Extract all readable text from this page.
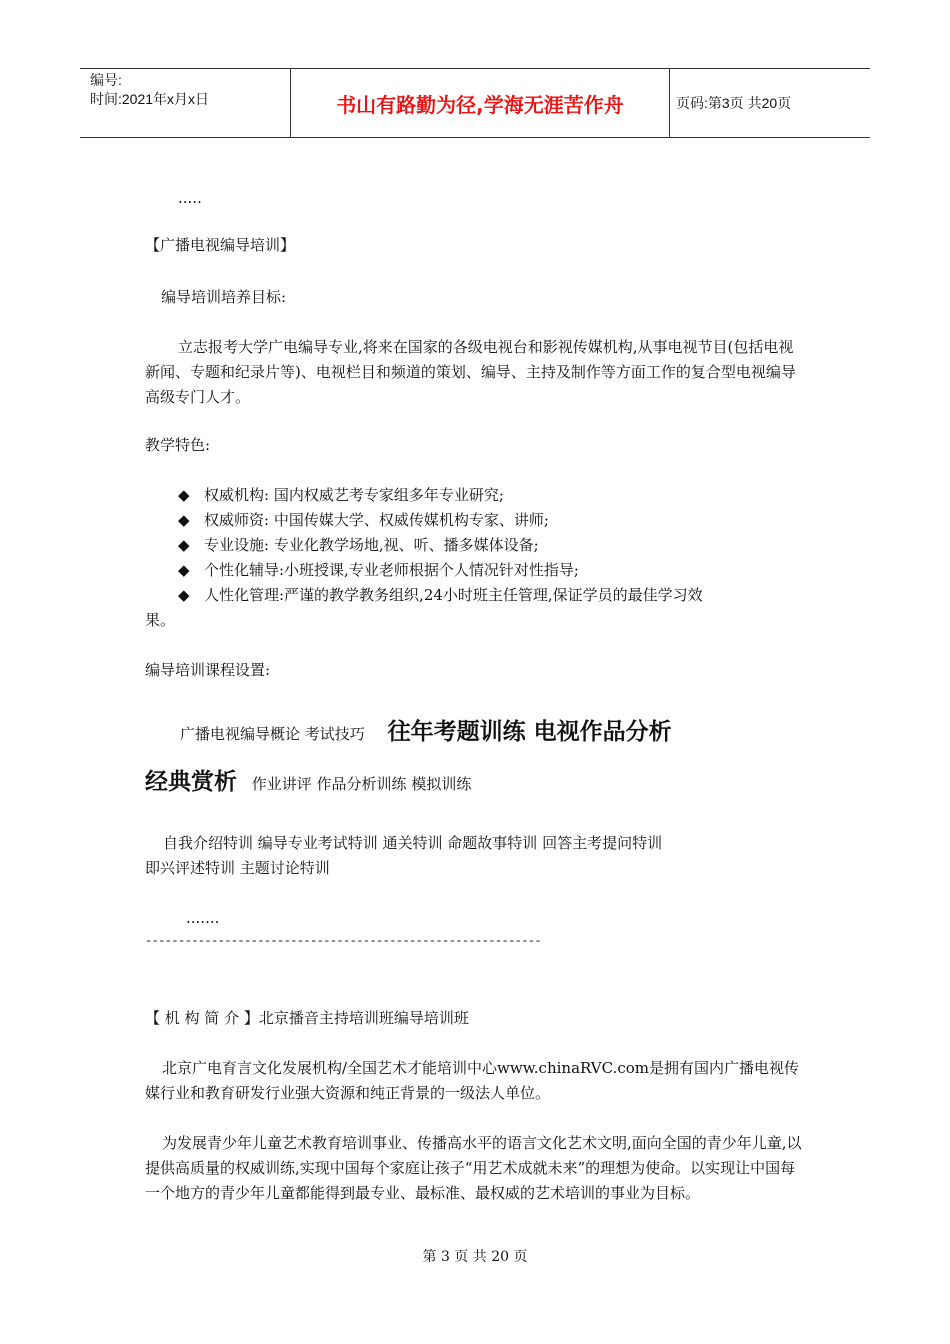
编号:
时间:2021年x月x日	书山有路勤为径,学海无涯苦作舟	页码:第3页 共20页
.....
【广播电视编导培训】
编导培训培养目标:
立志报考大学广电编导专业,将来在国家的各级电视台和影视传媒机构,从事电视节目(包括电视新闻、专题和纪录片等)、电视栏目和频道的策划、编导、主持及制作等方面工作的复合型电视编导高级专门人才。
教学特色:
◆ 权威机构: 国内权威艺考专家组多年专业研究;
◆ 权威师资: 中国传媒大学、权威传媒机构专家、讲师;
◆ 专业设施: 专业化教学场地,视、听、播多媒体设备;
◆ 个性化辅导:小班授课,专业老师根据个人情况针对性指导;
◆ 人性化管理:严谨的教学教务组织,24小时班主任管理,保证学员的最佳学习效
果。
编导培训课程设置:
广播电视编导概论 考试技巧 往年考题训练 电视作品分析
经典赏析 作业讲评 作品分析训练 模拟训练
自我介绍特训 编导专业考试特训 通关特训 命题故事特训 回答主考提问特训
即兴评述特训 主题讨论特训
.......
------------------------------------------------------------
【 机 构 简 介 】北京播音主持培训班编导培训班
北京广电育言文化发展机构/全国艺术才能培训中心www.chinaRVC.com是拥有国内广播电视传媒行业和教育研发行业强大资源和纯正背景的一级法人单位。
为发展青少年儿童艺术教育培训事业、传播高水平的语言文化艺术文明,面向全国的青少年儿童,以提供高质量的权威训练,实现中国每个家庭让孩子“用艺术成就未来”的理想为使命。以实现让中国每一个地方的青少年儿童都能得到最专业、最标准、最权威的艺术培训的事业为目标。
第 3 页 共 20 页
